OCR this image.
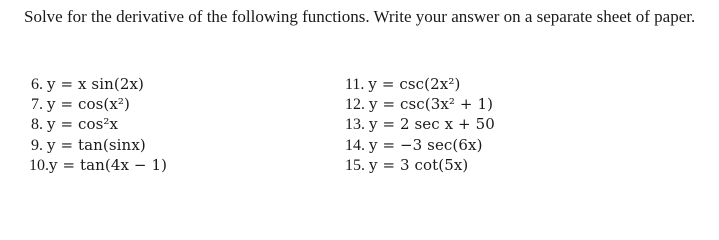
Solve for the derivative of the following functions. Write your answer on a separate sheet of paper.

6. y = x sin(2x)
7. y = cos(x²)
8. y = cos²x
9. y = tan(sinx)
10. y = tan(4x − 1)
11. y = csc(2x²)
12. y = csc(3x² + 1)
13. y = 2 sec x + 50
14. y = −3 sec(6x)
15. y = 3 cot(5x)
